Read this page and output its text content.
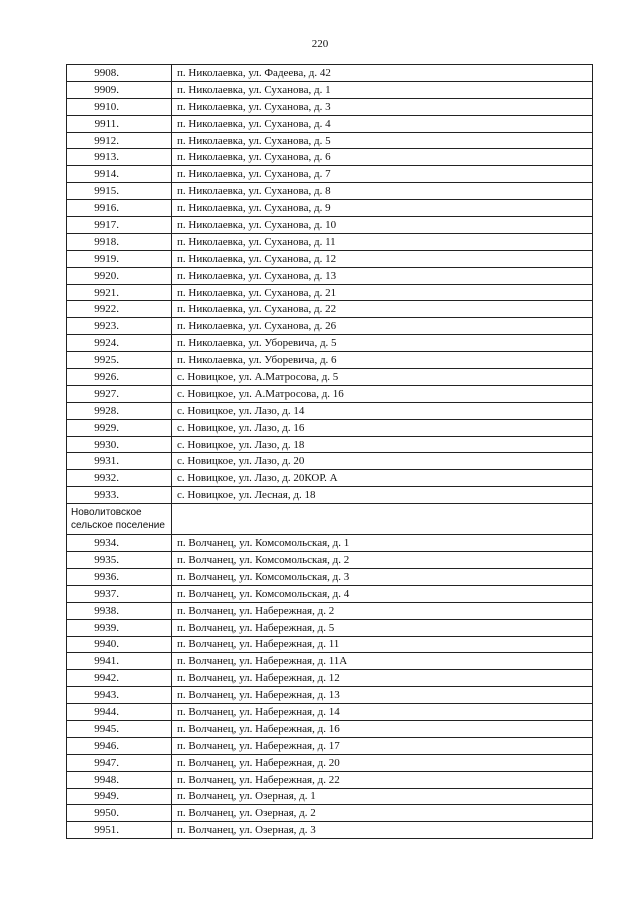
220
9908.	п. Николаевка, ул. Фадеева, д. 42
9909.	п. Николаевка, ул. Суханова, д. 1
9910.	п. Николаевка, ул. Суханова, д. 3
9911.	п. Николаевка, ул. Суханова, д. 4
9912.	п. Николаевка, ул. Суханова, д. 5
9913.	п. Николаевка, ул. Суханова, д. 6
9914.	п. Николаевка, ул. Суханова, д. 7
9915.	п. Николаевка, ул. Суханова, д. 8
9916.	п. Николаевка, ул. Суханова, д. 9
9917.	п. Николаевка, ул. Суханова, д. 10
9918.	п. Николаевка, ул. Суханова, д. 11
9919.	п. Николаевка, ул. Суханова, д. 12
9920.	п. Николаевка, ул. Суханова, д. 13
9921.	п. Николаевка, ул. Суханова, д. 21
9922.	п. Николаевка, ул. Суханова, д. 22
9923.	п. Николаевка, ул. Суханова, д. 26
9924.	п. Николаевка, ул. Уборевича, д. 5
9925.	п. Николаевка, ул. Уборевича, д. 6
9926.	с. Новицкое, ул. А.Матросова, д. 5
9927.	с. Новицкое, ул. А.Матросова, д. 16
9928.	с. Новицкое, ул. Лазо, д. 14
9929.	с. Новицкое, ул. Лазо, д. 16
9930.	с. Новицкое, ул. Лазо, д. 18
9931.	с. Новицкое, ул. Лазо, д. 20
9932.	с. Новицкое, ул. Лазо, д. 20КОР. А
9933.	с. Новицкое, ул. Лесная, д. 18
Новолитовское сельское поселение	
9934.	п. Волчанец, ул. Комсомольская, д. 1
9935.	п. Волчанец, ул. Комсомольская, д. 2
9936.	п. Волчанец, ул. Комсомольская, д. 3
9937.	п. Волчанец, ул. Комсомольская, д. 4
9938.	п. Волчанец, ул. Набережная, д. 2
9939.	п. Волчанец, ул. Набережная, д. 5
9940.	п. Волчанец, ул. Набережная, д. 11
9941.	п. Волчанец, ул. Набережная, д. 11А
9942.	п. Волчанец, ул. Набережная, д. 12
9943.	п. Волчанец, ул. Набережная, д. 13
9944.	п. Волчанец, ул. Набережная, д. 14
9945.	п. Волчанец, ул. Набережная, д. 16
9946.	п. Волчанец, ул. Набережная, д. 17
9947.	п. Волчанец, ул. Набережная, д. 20
9948.	п. Волчанец, ул. Набережная, д. 22
9949.	п. Волчанец, ул. Озерная, д. 1
9950.	п. Волчанец, ул. Озерная, д. 2
9951.	п. Волчанец, ул. Озерная, д. 3
